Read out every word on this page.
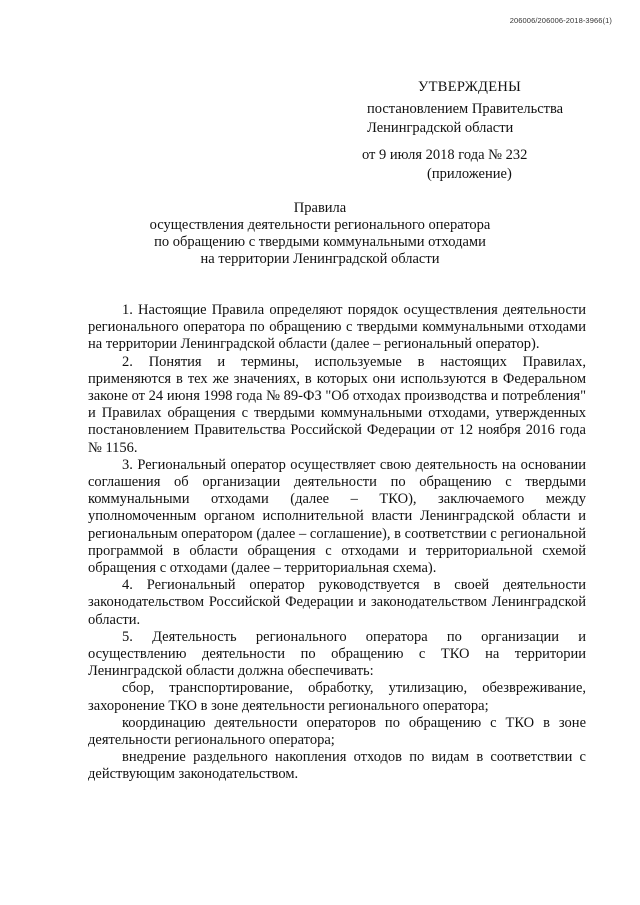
206006/206006-2018-3966(1)
УТВЕРЖДЕНЫ
постановлением Правительства
Ленинградской области
от 9 июля 2018 года № 232
(приложение)
Правила
осуществления деятельности регионального оператора
по обращению с твердыми коммунальными отходами
на территории Ленинградской области

1. Настоящие Правила определяют порядок осуществления деятельности регионального оператора по обращению с твердыми коммунальными отходами на территории Ленинградской области (далее – региональный оператор).

2. Понятия и термины, используемые в настоящих Правилах, применяются в тех же значениях, в которых они используются в Федеральном законе от 24 июня 1998 года № 89-ФЗ "Об отходах производства и потребления" и Правилах обращения с твердыми коммунальными отходами, утвержденных постановлением Правительства Российской Федерации от 12 ноября 2016 года № 1156.

3. Региональный оператор осуществляет свою деятельность на основании соглашения об организации деятельности по обращению с твердыми коммунальными отходами (далее – ТКО), заключаемого между уполномоченным органом исполнительной власти Ленинградской области и региональным оператором (далее – соглашение), в соответствии с региональной программой в области обращения с отходами и территориальной схемой обращения с отходами (далее – территориальная схема).

4. Региональный оператор руководствуется в своей деятельности законодательством Российской Федерации и законодательством Ленинградской области.

5. Деятельность регионального оператора по организации и осуществлению деятельности по обращению с ТКО на территории Ленинградской области должна обеспечивать:

сбор, транспортирование, обработку, утилизацию, обезвреживание, захоронение ТКО в зоне деятельности регионального оператора;

координацию деятельности операторов по обращению с ТКО в зоне деятельности регионального оператора;

внедрение раздельного накопления отходов по видам в соответствии с действующим законодательством.
